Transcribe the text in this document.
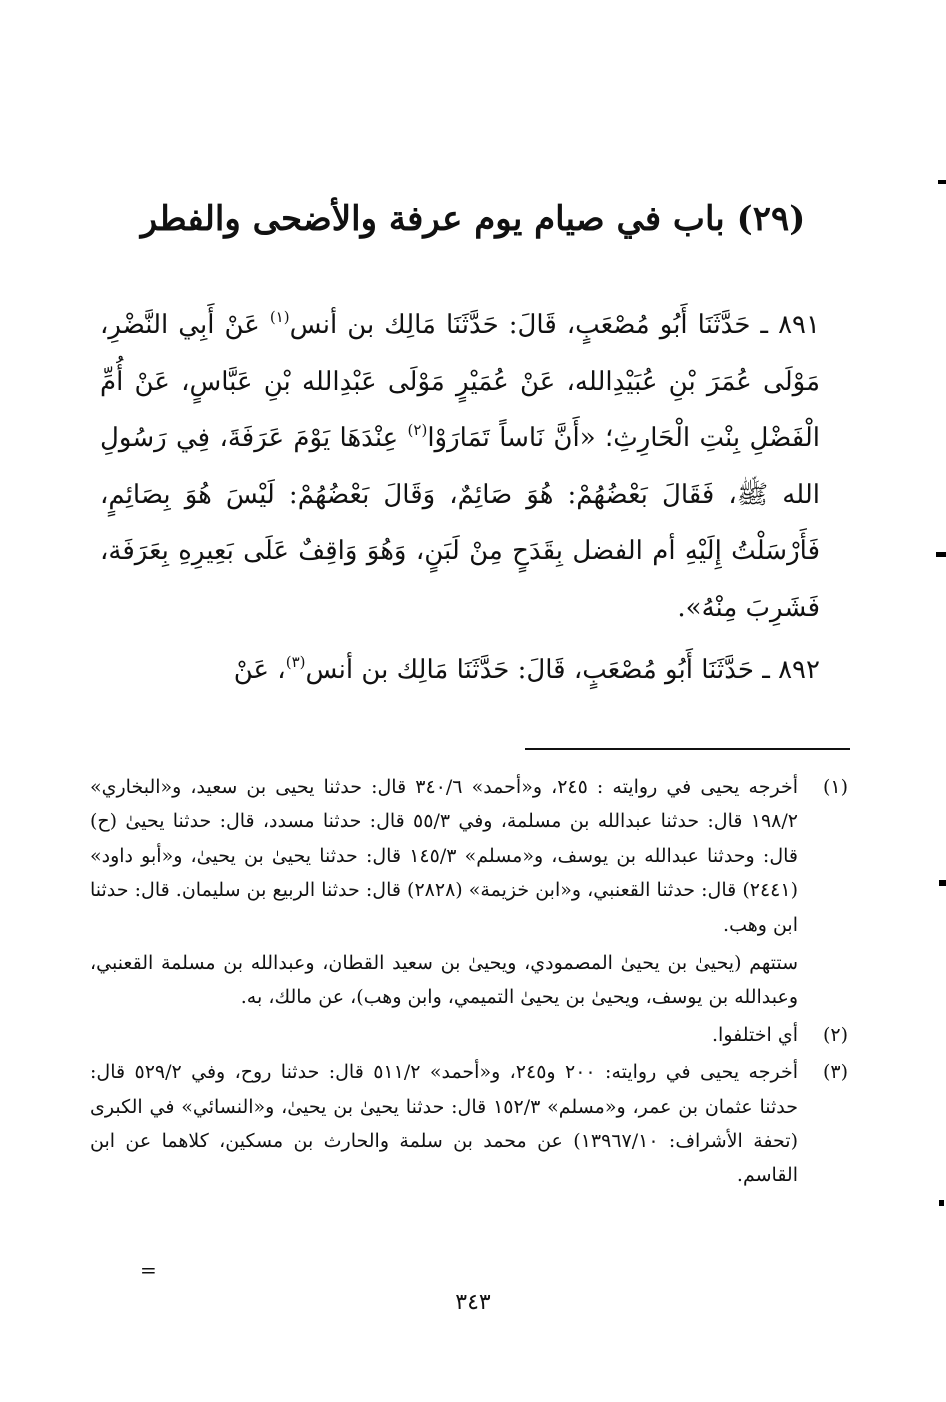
(٢٩) باب في صيام يوم عرفة والأضحى والفطر

٨٩١ ـ حَدَّثَنَا أَبُو مُصْعَبٍ، قَالَ: حَدَّثَنَا مَالِك بن أنس$^{(١)}$ عَنْ أَبِي النَّضْرِ، مَوْلَى عُمَرَ بْنِ عُبَيْدِالله، عَنْ عُمَيْرٍ مَوْلَى عَبْدِالله بْنِ عَبَّاسٍ، عَنْ أُمِّ الْفَضْلِ بِنْتِ الْحَارِثِ؛ «أَنَّ نَاساً تَمَارَوْا$^{(٢)}$ عِنْدَهَا يَوْمَ عَرَفَةَ، فِي رَسُولِ الله ﷺ، فَقَالَ بَعْضُهُمْ: هُوَ صَائِمٌ، وَقَالَ بَعْضُهُمْ: لَيْسَ هُوَ بِصَائِمٍ، فَأَرْسَلْتُ إِلَيْهِ أم الفضل بِقَدَحٍ مِنْ لَبَنٍ، وَهُوَ وَاقِفٌ عَلَى بَعِيرِهِ بِعَرَفَة، فَشَرِبَ مِنْهُ».

٨٩٢ ـ حَدَّثَنَا أَبُو مُصْعَبٍ، قَالَ: حَدَّثَنَا مَالِك بن أنس$^{(٣)}$، عَنْ

(١)

أخرجه يحيى في روايته : ٢٤٥، و«أحمد» ٣٤٠/٦ قال: حدثنا يحيى بن سعيد، و«البخاري» ١٩٨/٢ قال: حدثنا عبدالله بن مسلمة، وفي ٥٥/٣ قال: حدثنا مسدد، قال: حدثنا يحيىٰ (ح) قال: وحدثنا عبدالله بن يوسف، و«مسلم» ١٤٥/٣ قال: حدثنا يحيىٰ بن يحيىٰ، و«أبو داود» (٢٤٤١) قال: حدثنا القعنبي، و«ابن خزيمة» (٢٨٢٨) قال: حدثنا الربيع بن سليمان. قال: حدثنا ابن وهب.

ستتهم (يحيىٰ بن يحيىٰ المصمودي، ويحيىٰ بن سعيد القطان، وعبدالله بن مسلمة القعنبي، وعبدالله بن يوسف، ويحيىٰ بن يحيىٰ التميمي، وابن وهب)، عن مالك، به.

(٢)

أي اختلفوا.

(٣)

أخرجه يحيى في روايته: ٢٠٠ و٢٤٥، و«أحمد» ٥١١/٢ قال: حدثنا روح، وفي ٥٢٩/٢ قال: حدثنا عثمان بن عمر، و«مسلم» ١٥٢/٣ قال: حدثنا يحيىٰ بن يحيىٰ، و«النسائي» في الكبرى (تحفة الأشراف: ١٣٩٦٧/١٠) عن محمد بن سلمة والحارث بن مسكين، كلاهما عن ابن القاسم.

=
٣٤٣
